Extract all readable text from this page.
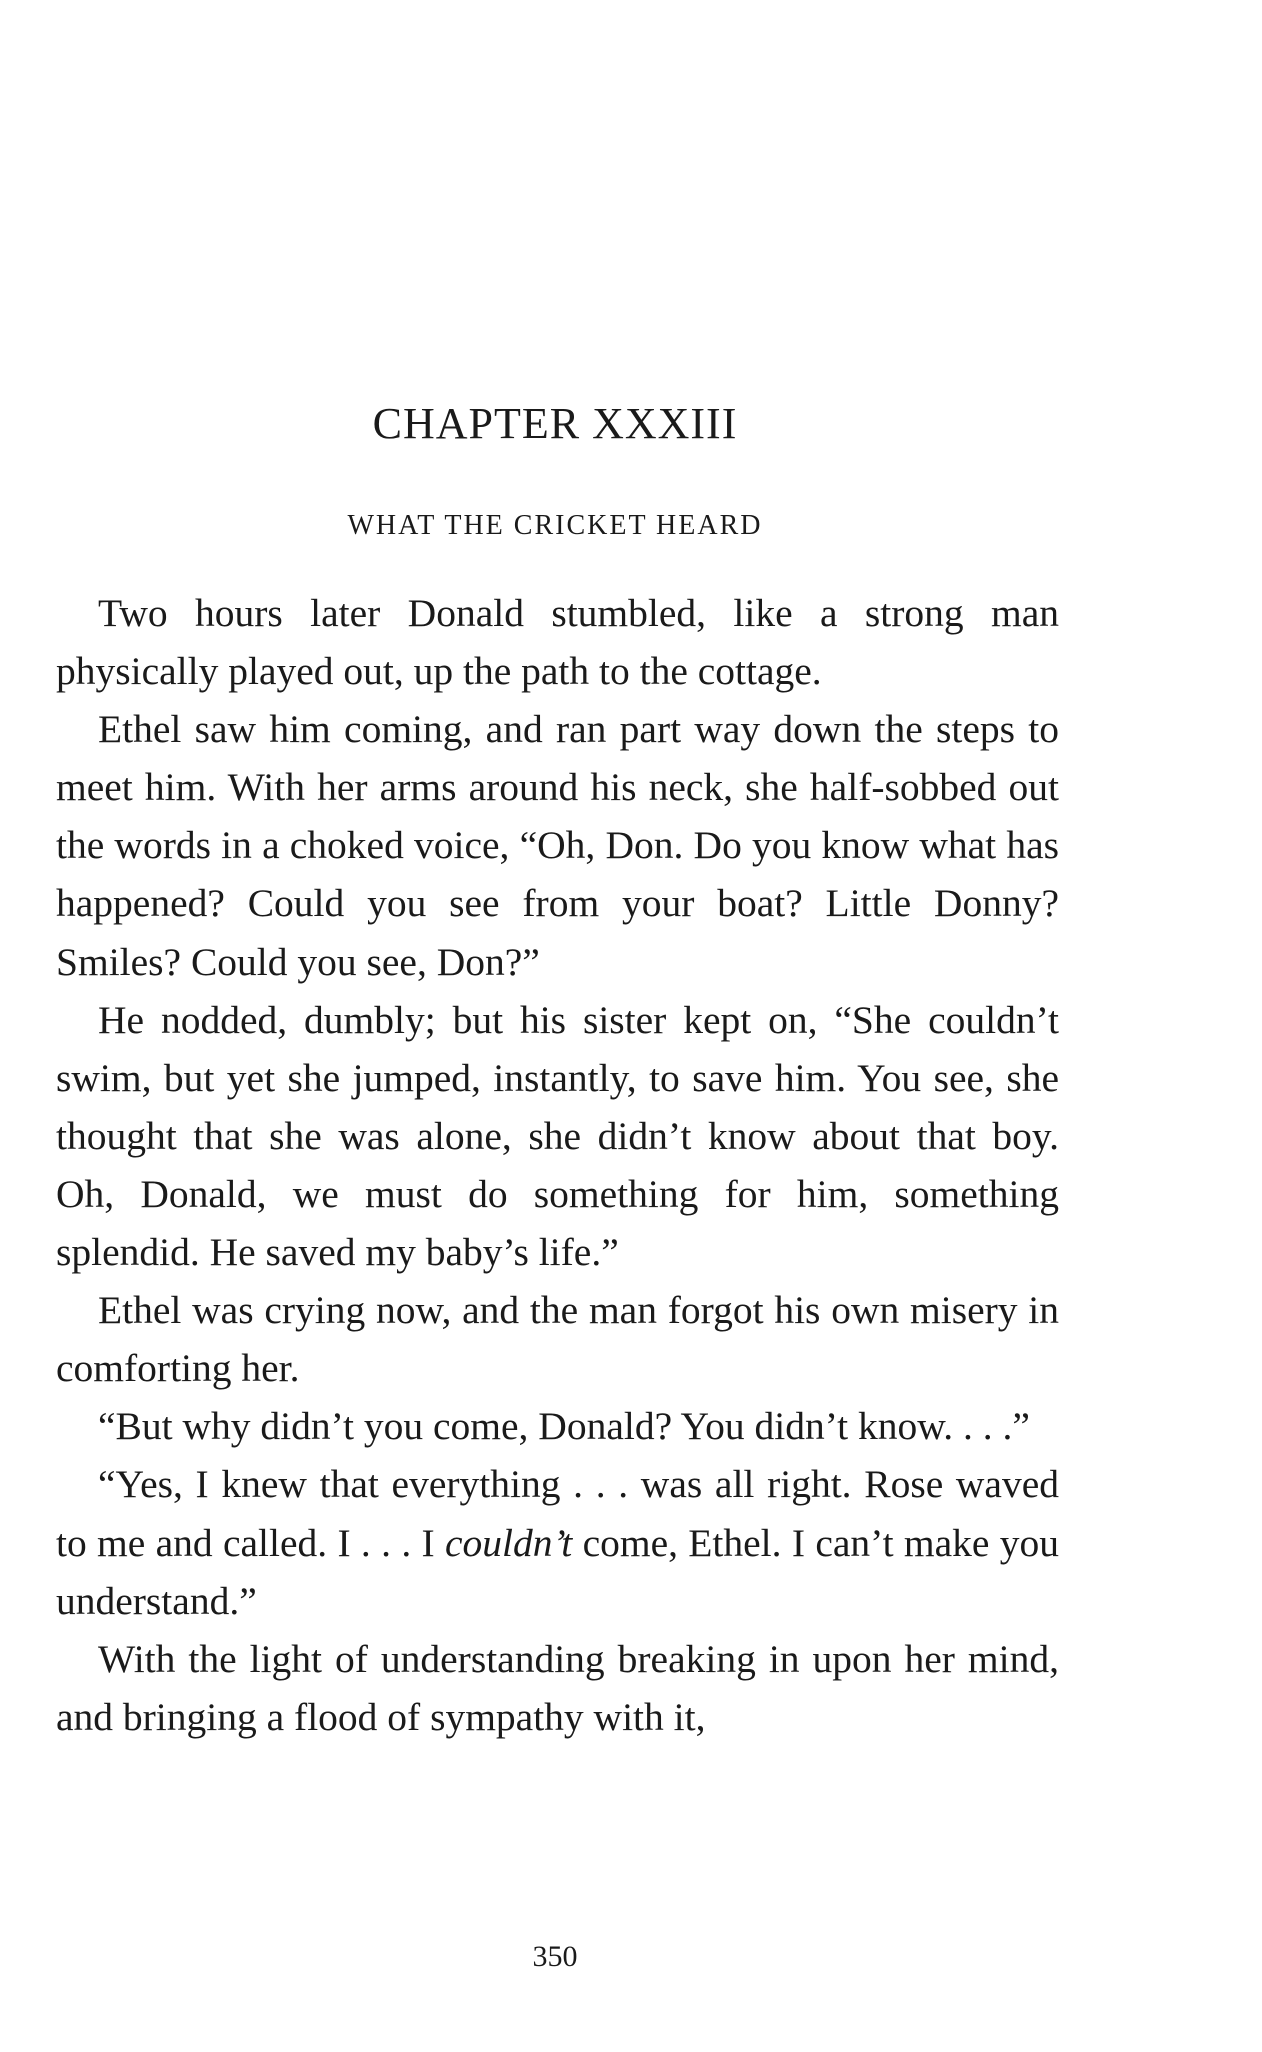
CHAPTER XXXIII
WHAT THE CRICKET HEARD

Two hours later Donald stumbled, like a strong man physically played out, up the path to the cottage.

Ethel saw him coming, and ran part way down the steps to meet him. With her arms around his neck, she half-sobbed out the words in a choked voice, “Oh, Don. Do you know what has happened? Could you see from your boat? Little Donny? Smiles? Could you see, Don?”

He nodded, dumbly; but his sister kept on, “She couldn’t swim, but yet she jumped, instantly, to save him. You see, she thought that she was alone, she didn’t know about that boy. Oh, Donald, we must do something for him, something splendid. He saved my baby’s life.”

Ethel was crying now, and the man forgot his own misery in comforting her.

“But why didn’t you come, Donald? You didn’t know. . . .”

“Yes, I knew that everything . . . was all right. Rose waved to me and called. I . . . I couldn’t come, Ethel. I can’t make you understand.”

With the light of understanding breaking in upon her mind, and bringing a flood of sympathy with it,

350
